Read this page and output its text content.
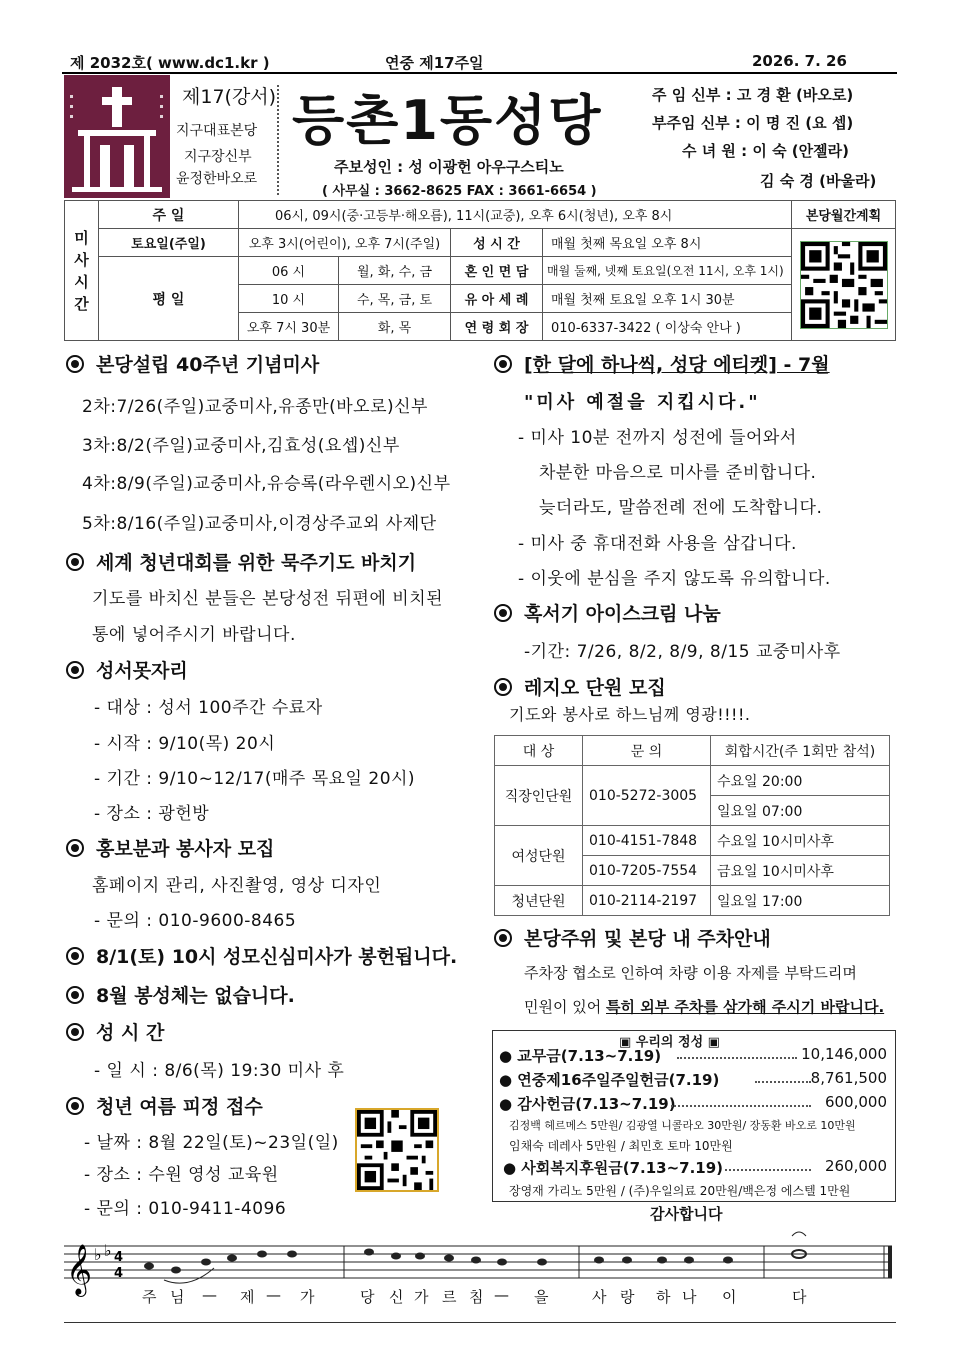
제 2032호( www.dc1.kr )	연중 제17주일	2026. 7. 26
제17(강서)
지구대표본당
지구장신부
윤정한바오로
등촌1동성당
주보성인 : 성 이광헌 아우구스티노
( 사무실 : 3662-8625 FAX : 3661-6654 )
주 임 신부 : 고 경 환 (바오로)
부주임 신부 : 이 명 진 (요 셉)
수 녀 원 : 이 숙 (안젤라)
김 숙 경 (바울라)
미사시간	주 일	06시, 09시(중·고등부·해오름), 11시(교중), 오후 6시(청년), 오후 8시				본당월간계획
	토요일(주일)	오후 3시(어린이), 오후 7시(주일)		성 시 간	매월 첫째 목요일 오후 8시	

	평 일	06 시	월, 화, 수, 금	혼 인 면 담	매월 둘째, 넷째 토요일(오전 11시, 오후 1시)	
		10 시	수, 목, 금, 토	유 아 세 례	매월 첫째 토요일 오후 1시 30분	
		오후 7시 30분	화, 목	연 령 회 장	010-6337-3422 ( 이상숙 안나 )	
본당설립 40주년 기념미사
2차:7/26(주일)교중미사,유종만(바오로)신부
3차:8/2(주일)교중미사,김효성(요셉)신부
4차:8/9(주일)교중미사,유승록(라우렌시오)신부
5차:8/16(주일)교중미사,이경상주교외 사제단
세계 청년대회를 위한 묵주기도 바치기
기도를 바치신 분들은 본당성전 뒤편에 비치된
통에 넣어주시기 바랍니다.
성서못자리
- 대상 : 성서 100주간 수료자
- 시작 : 9/10(목) 20시
- 기간 : 9/10~12/17(매주 목요일 20시)
- 장소 : 광헌방
홍보분과 봉사자 모집
홈페이지 관리, 사진촬영, 영상 디자인
- 문의 : 010-9600-8465
8/1(토) 10시 성모신심미사가 봉헌됩니다.
8월 봉성체는 없습니다.
성 시 간
- 일 시 : 8/6(목) 19:30 미사 후
청년 여름 피정 접수
- 날짜 : 8월 22일(토)~23일(일)
- 장소 : 수원 영성 교육원
- 문의 : 010-9411-4096
[한 달에 하나씩, 성당 에티켓] - 7월
"미사 예절을 지킵시다."
- 미사 10분 전까지 성전에 들어와서
차분한 마음으로 미사를 준비합니다.
늦더라도, 말씀전례 전에 도착합니다.
- 미사 중 휴대전화 사용을 삼갑니다.
- 이웃에 분심을 주지 않도록 유의합니다.
혹서기 아이스크림 나눔
-기간: 7/26, 8/2, 8/9, 8/15 교중미사후
레지오 단원 모집
기도와 봉사로 하느님께 영광!!!!.
대 상	문 의	회합시간(주 1회만 참석)
직장인단원	010-5272-3005	수요일 20:00
		일요일 07:00
여성단원	010-4151-7848	수요일 10시미사후
	010-7205-7554	금요일 10시미사후
청년단원	010-2114-2197	일요일 17:00
본당주위 및 본당 내 주차안내
주차장 협소로 인하여 차량 이용 자제를 부탁드리며
민원이 있어 특히 외부 주차를 삼가해 주시기 바랍니다.
▣ 우리의 정성 ▣
● 교무금(7.13~7.19)	10,146,000
● 연중제16주일주일헌금(7.19)	8,761,500
● 감사헌금(7.13~7.19)	600,000
김정백 헤르메스 5만원/ 김광열 니콜라오 30만원/ 장동환 바오로 10만원
임채숙 데레사 5만원 / 최민호 토마 10만원
● 사회복지후원금(7.13~7.19)	260,000
장영재 가리노 5만원 / (주)우일의료 20만원/백은정 에스텔 1만원
감사합니다
𝄞 ♭ ♭ 4
4
주 님 — 제 — 가	당 신 가 르 침 — 을	사 랑 하 나 이	다
